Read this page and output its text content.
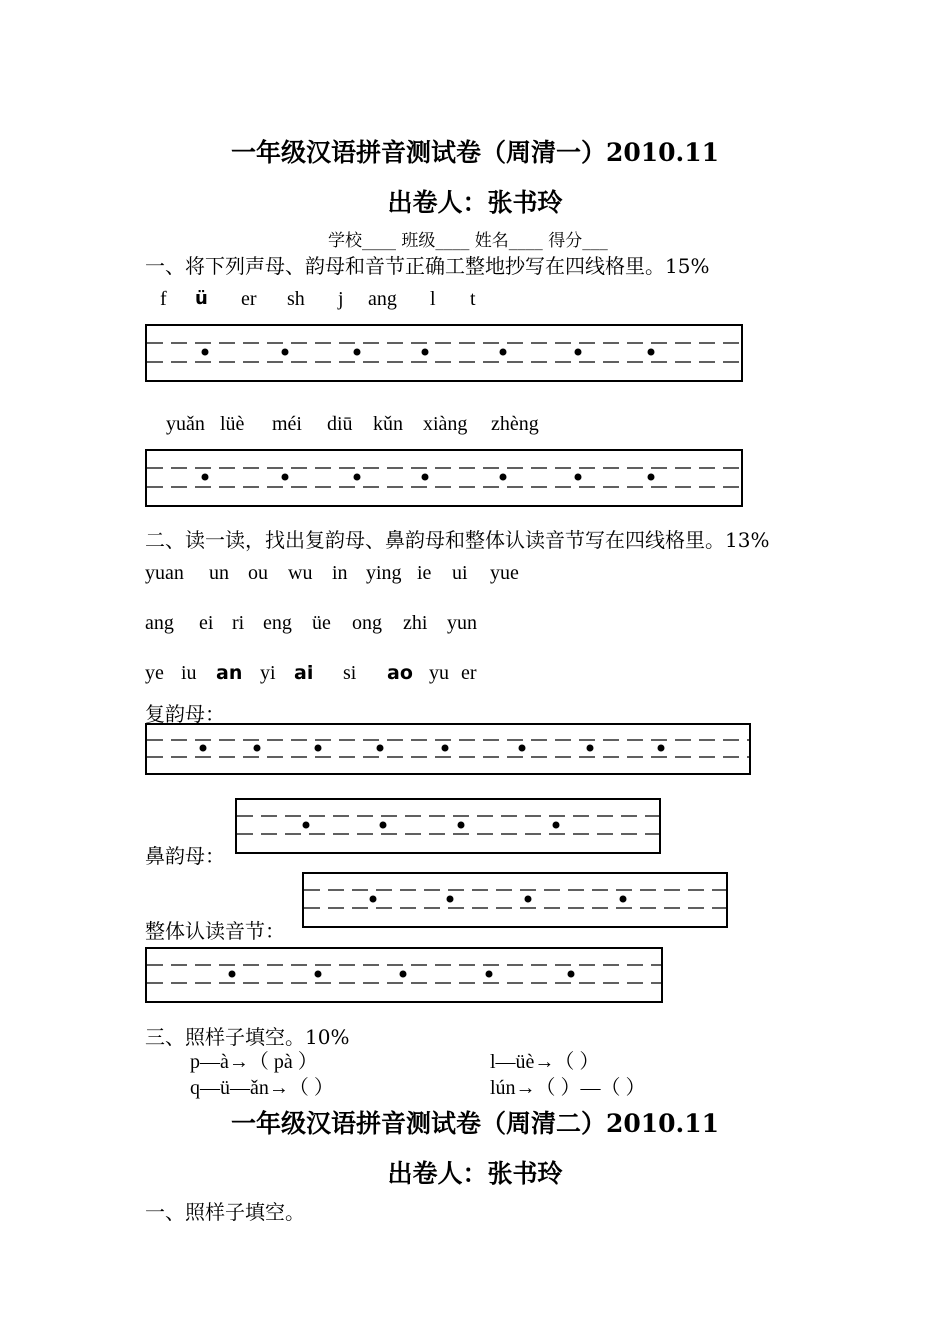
一年级汉语拼音测试卷（周清一）2010.11
出卷人：张书玲
学校____ 班级____ 姓名____ 得分___
一、将下列声母、韵母和音节正确工整地抄写在四线格里。15%
f ü er sh j ang l t
yuǎn lüè méi diū kǔn xiàng zhèng
二、读一读，找出复韵母、鼻韵母和整体认读音节写在四线格里。13%
yuan un ou wu in ying ie ui yue
ang ei ri eng üe ong zhi yun
ye iu an yi ai si ao yu er
复韵母：
鼻韵母：
整体认读音节：
三、照样子填空。10%
p—à→（ pà ）	l—üè→（ ）
q—ü—ǎn→（ ）	lún→（ ）—（ ）
一年级汉语拼音测试卷（周清二）2010.11
出卷人：张书玲
一、照样子填空。
